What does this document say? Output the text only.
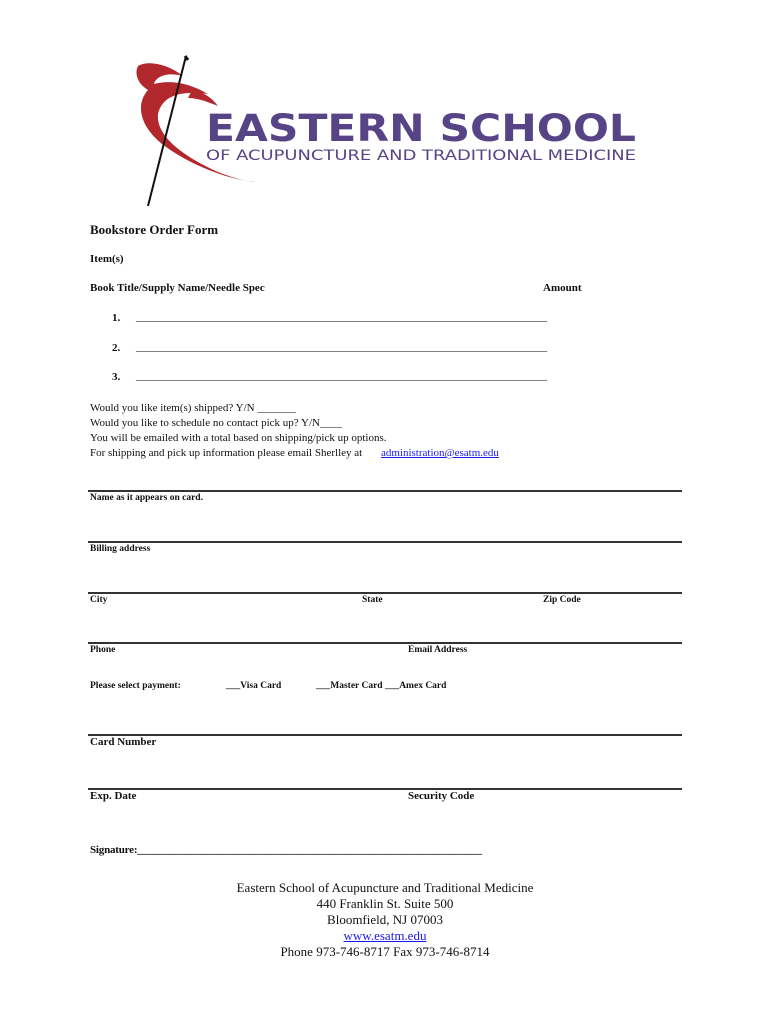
EASTERN SCHOOL
OF ACUPUNCTURE AND TRADITIONAL MEDICINE
Bookstore Order Form
Item(s)
Book Title/Supply Name/Needle Spec	Amount
1. _______________________________________________________________________________
2. _______________________________________________________________________________
3. _______________________________________________________________________________
Would you like item(s) shipped? Y/N _______
Would you like to schedule no contact pick up? Y/N____
You will be emailed with a total based on shipping/pick up options.
For shipping and pick up information please email Sherlley at administration@esatm.edu
Name as it appears on card.
Billing address
City	State	Zip Code
Phone	Email Address
Please select payment:	___Visa Card	___Master Card ___Amex Card
Card Number
Exp. Date	Security Code
Signature:_________________________________________________________________
Eastern School of Acupuncture and Traditional Medicine
440 Franklin St. Suite 500
Bloomfield, NJ 07003
www.esatm.edu
Phone 973-746-8717 Fax 973-746-8714
